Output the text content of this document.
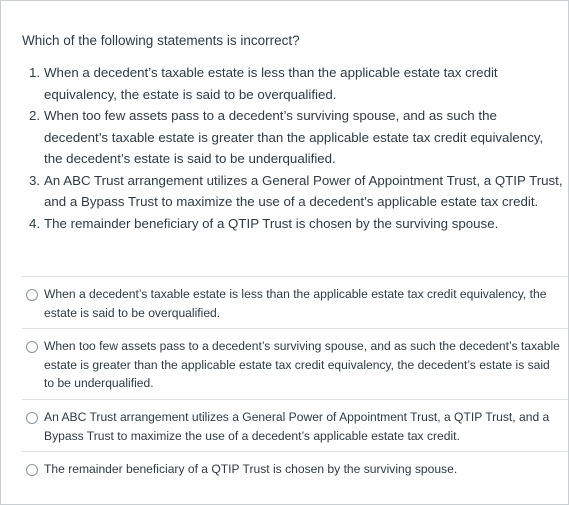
Which of the following statements is incorrect?
1. When a decedent’s taxable estate is less than the applicable estate tax credit equivalency, the estate is said to be overqualified.
2. When too few assets pass to a decedent’s surviving spouse, and as such the decedent’s taxable estate is greater than the applicable estate tax credit equivalency, the decedent’s estate is said to be underqualified.
3. An ABC Trust arrangement utilizes a General Power of Appointment Trust, a QTIP Trust, and a Bypass Trust to maximize the use of a decedent’s applicable estate tax credit.
4. The remainder beneficiary of a QTIP Trust is chosen by the surviving spouse.
When a decedent’s taxable estate is less than the applicable estate tax credit equivalency, the estate is said to be overqualified.
When too few assets pass to a decedent’s surviving spouse, and as such the decedent’s taxable estate is greater than the applicable estate tax credit equivalency, the decedent’s estate is said to be underqualified.
An ABC Trust arrangement utilizes a General Power of Appointment Trust, a QTIP Trust, and a Bypass Trust to maximize the use of a decedent’s applicable estate tax credit.
The remainder beneficiary of a QTIP Trust is chosen by the surviving spouse.
